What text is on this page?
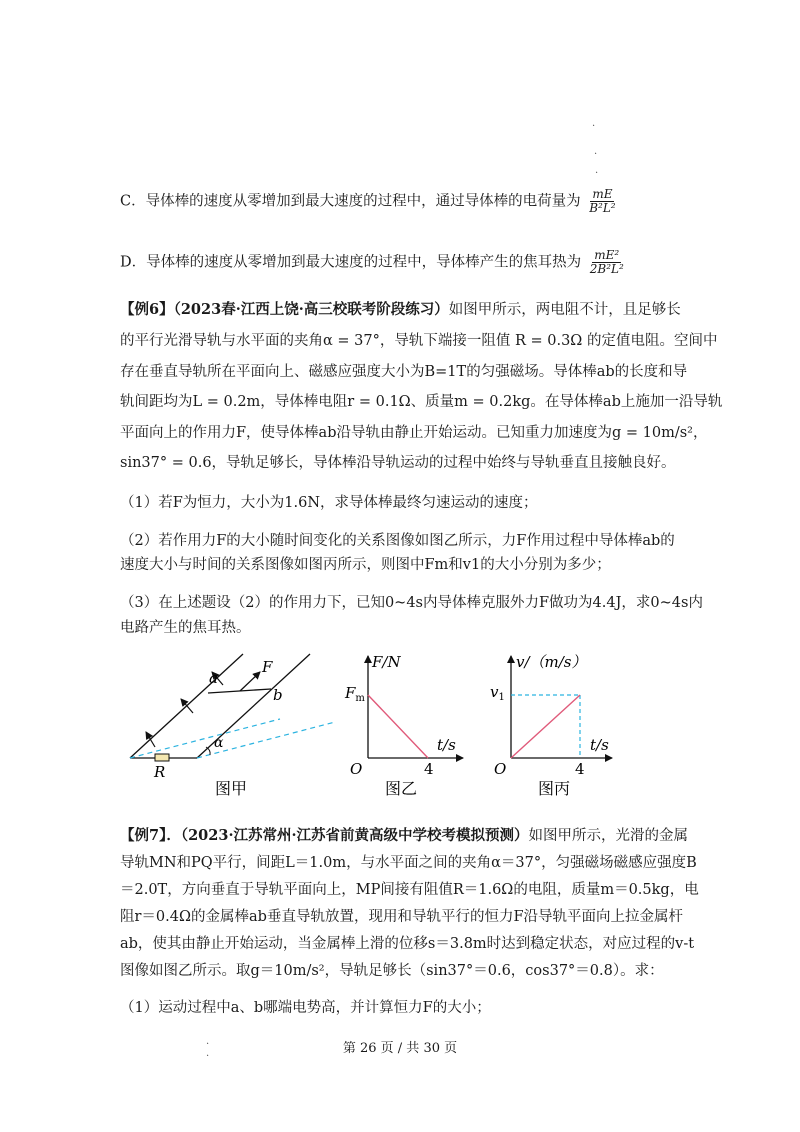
.
.
.
C．导体棒的速度从零增加到最大速度的过程中，通过导体棒的电荷量为 $\frac{mE}{\text{B²L²}}$
D．导体棒的速度从零增加到最大速度的过程中，导体棒产生的焦耳热为 $\frac{\text{mE²}}{\text{2B²L²}}$
【例6】（2023春·江西上饶·高三校联考阶段练习）如图甲所示，两电阻不计，且足够长
的平行光滑导轨与水平面的夹角α = 37°，导轨下端接一阻值 R = 0.3Ω 的定值电阻。空间中
存在垂直导轨所在平面向上、磁感应强度大小为B=1T的匀强磁场。导体棒ab的长度和导
轨间距均为L = 0.2m，导体棒电阻r = 0.1Ω、质量m = 0.2kg。在导体棒ab上施加一沿导轨
平面向上的作用力F，使导体棒ab沿导轨由静止开始运动。已知重力加速度为g = 10m/s²，
sin37° = 0.6，导轨足够长，导体棒沿导轨运动的过程中始终与导轨垂直且接触良好。
（1）若F为恒力，大小为1.6N，求导体棒最终匀速运动的速度；
（2）若作用力F的大小随时间变化的关系图像如图乙所示，力F作用过程中导体棒ab的
速度大小与时间的关系图像如图丙所示，则图中Fm和v1的大小分别为多少；
（3）在上述题设（2）的作用力下，已知0~4s内导体棒克服外力F做功为4.4J，求0~4s内
电路产生的焦耳热。
a
b
F
R
α
图甲
F/N
t/s
O
$F_m$
4
图乙
v/（m/s）
t/s
O
$v_1$
4
图丙
【例7】．（2023·江苏常州·江苏省前黄高级中学校考模拟预测）如图甲所示，光滑的金属
导轨MN和PQ平行，间距L＝1.0m，与水平面之间的夹角α＝37°，匀强磁场磁感应强度B
＝2.0T，方向垂直于导轨平面向上，MP间接有阻值R＝1.6Ω的电阻，质量m＝0.5kg，电
阻r＝0.4Ω的金属棒ab垂直导轨放置，现用和导轨平行的恒力F沿导轨平面向上拉金属杆
ab，使其由静止开始运动，当金属棒上滑的位移s＝3.8m时达到稳定状态，对应过程的v-t
图像如图乙所示。取g＝10m/s²，导轨足够长（sin37°＝0.6，cos37°＝0.8）。求：
（1）运动过程中a、b哪端电势高，并计算恒力F的大小；
.
.	第 26 页 / 共 30 页
